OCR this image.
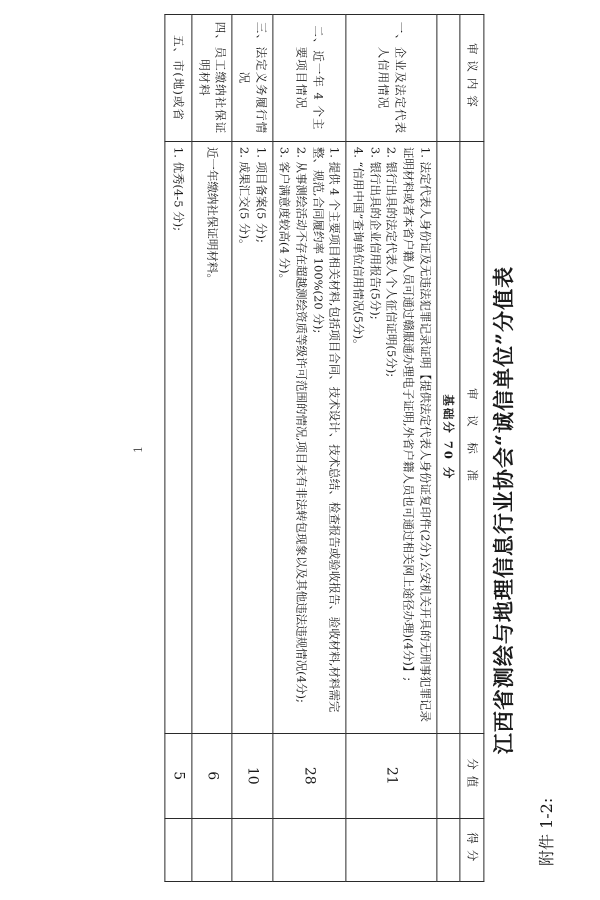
附件 1-2:
江西省测绘与地理信息行业协会“诚信单位”分值表
1
审议内容	审 议 标 准	分值	得分
	基础分 70 分		
一、企业及法定代表人信用情况	1. 法定代表人身份证及无违法犯罪记录证明【提供法定代表人身份证复印件(2分),公安机关开具的无刑事犯罪记录证明材料或者本省户籍人员可通过赣服通办理电子证明,外省户籍人员也可通过相关网上途径办理)(4分)】;
2. 银行出具的法定代表人个人征信证明(5分);
3. 银行出具的企业信用报告(5分);
4. “信用中国”查询单位信用情况(5分)。	21	
二、近一年 4 个主要项目情况	1. 提供 4 个主要项目相关材料,包括项目合同、技术设计、技术总结、检查报告或验收报告、验收材料,材料需完整、规范,合同履约率 100%(20 分);
2. 从事测绘活动不存在超越测绘资质等级许可范围的情况,项目未有非法转包现象以及其他违法违规情况(4分);
3. 客户满意度较高(4 分)。	28	
三、法定义务履行情况	1. 项目备案(5 分);
2. 成果汇交(5 分)。	10	
四、员工缴纳社保证明材料	近一年缴纳社保证明材料。	6	
五、市(地)或省	1. 优秀(4-5 分);	5	
